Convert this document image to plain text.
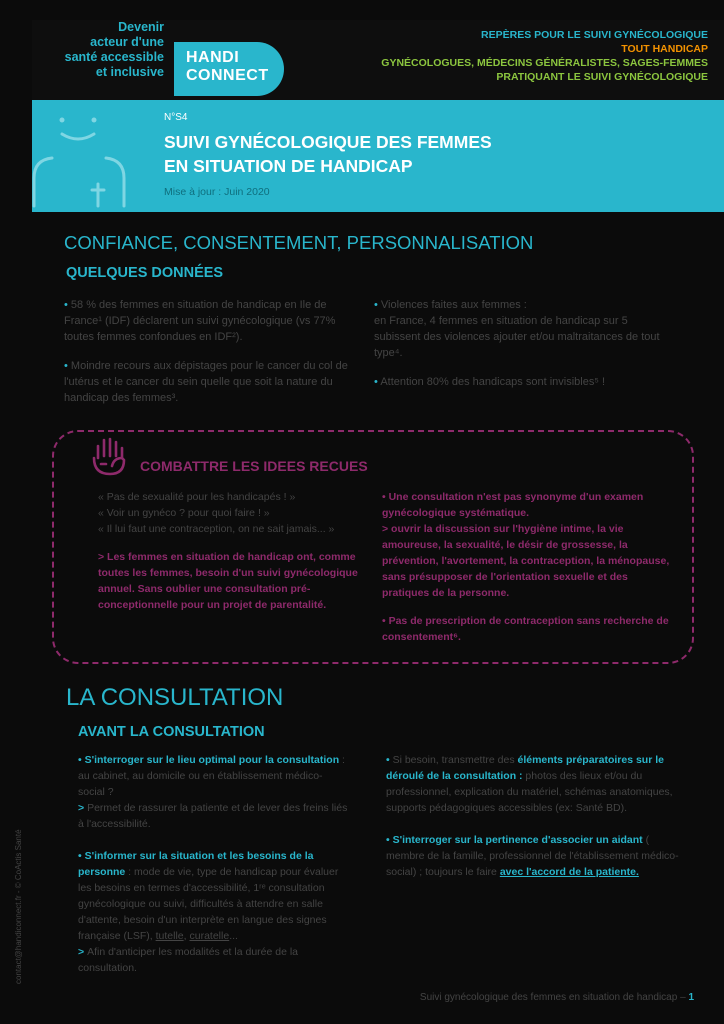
Devenir
acteur d'une
santé accessible
et inclusive
HANDI
CONNECT
REPÈRES POUR LE SUIVI GYNÉCOLOGIQUE
TOUT HANDICAP
GYNÉCOLOGUES, MÉDECINS GÉNÉRALISTES, SAGES-FEMMES
PRATIQUANT LE SUIVI GYNÉCOLOGIQUE
N°S4
SUIVI GYNÉCOLOGIQUE DES FEMMES
EN SITUATION DE HANDICAP
Mise à jour : Juin 2020
CONFIANCE, CONSENTEMENT, PERSONNALISATION
QUELQUES DONNÉES

• 58 % des femmes en situation de handicap en Ile de France¹ (IDF) déclarent un suivi gynécologique (vs 77% toutes femmes confondues en IDF²).

• Moindre recours aux dépistages pour le cancer du col de l'utérus et le cancer du sein quelle que soit la nature du handicap des femmes³.

• Violences faites aux femmes :
en France, 4 femmes en situation de handicap sur 5 subissent des violences ajouter et/ou maltraitances de tout type⁴.

• Attention 80% des handicaps sont invisibles⁵ !

COMBATTRE LES IDEES RECUES
« Pas de sexualité pour les handicapés ! »
« Voir un gynéco ? pour quoi faire ! »
« Il lui faut une contraception, on ne sait jamais... »
> Les femmes en situation de handicap ont, comme toutes les femmes, besoin d'un suivi gynécologique annuel. Sans oublier une consultation pré-conceptionnelle pour un projet de parentalité.
• Une consultation n'est pas synonyme d'un examen gynécologique systématique.
> ouvrir la discussion sur l'hygiène intime, la vie amoureuse, la sexualité, le désir de grossesse, la prévention, l'avortement, la contraception, la ménopause, sans présupposer de l'orientation sexuelle et des pratiques de la personne.
• Pas de prescription de contraception sans recherche de consentement⁶.
LA CONSULTATION
AVANT LA CONSULTATION

• S'interroger sur le lieu optimal pour la consultation : au cabinet, au domicile ou en établissement médico-social ?
> Permet de rassurer la patiente et de lever des freins liés à l'accessibilité.

• S'informer sur la situation et les besoins de la personne : mode de vie, type de handicap pour évaluer les besoins en termes d'accessibilité, 1ʳᵉ consultation gynécologique ou suivi, difficultés à attendre en salle d'attente, besoin d'un interprète en langue des signes française (LSF), tutelle, curatelle...
> Afin d'anticiper les modalités et la durée de la consultation.

• Si besoin, transmettre des éléments préparatoires sur le déroulé de la consultation : photos des lieux et/ou du professionnel, explication du matériel, schémas anatomiques, supports pédagogiques accessibles (ex: Santé BD).

• S'interroger sur la pertinence d'associer un aidant ( membre de la famille, professionnel de l'établissement médico-social) ; toujours le faire avec l'accord de la patiente.

contact@handiconnect.fr - © CoActis Santé
Suivi gynécologique des femmes en situation de handicap – 1
